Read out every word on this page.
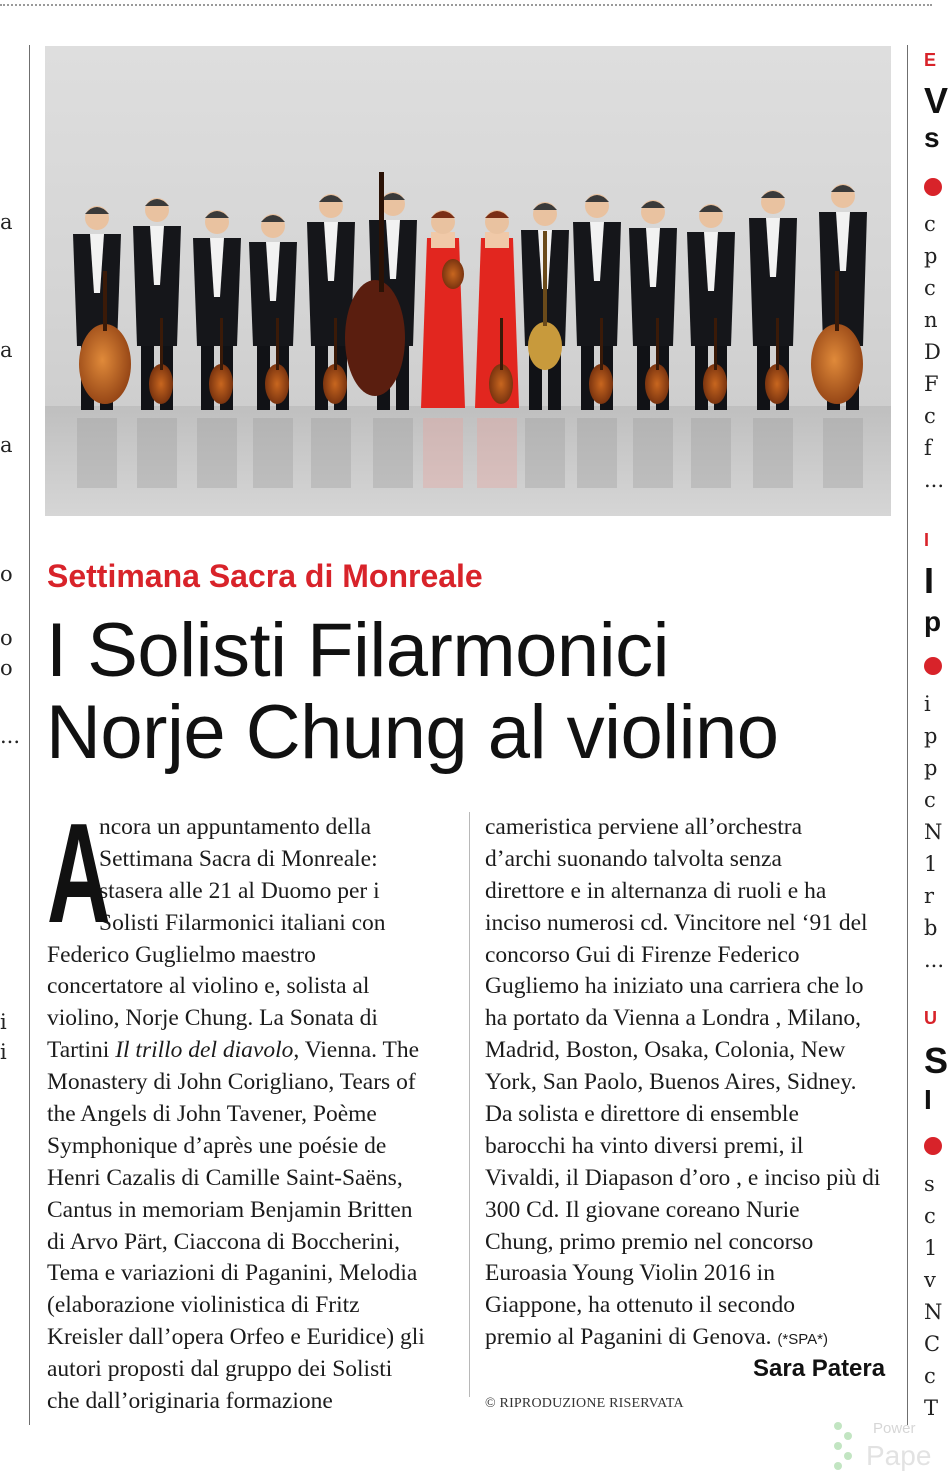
a
a
a
o
o
o
...
i
i
E
V
s
c
p
c
n
D
F
c
f
...
I
I
p
i
p
p
c
N
1
r
b
...
U
S
I
s
c
1
v
N
C
c
T
Settimana Sacra di Monreale
I Solisti Filarmonici
Norje Chung al violino
A
ncora un appuntamento della
Settimana Sacra di Monreale:
stasera alle 21 al Duomo per i
Solisti Filarmonici italiani con
Federico Guglielmo maestro
concertatore al violino e, solista al
violino, Norje Chung. La Sonata di
Tartini Il trillo del diavolo, Vienna. The
Monastery di John Corigliano, Tears of
the Angels di John Tavener, Poème
Symphonique d’après une poésie de
Henri Cazalis di Camille Saint-Saëns,
Cantus in memoriam Benjamin Britten
di Arvo Pärt, Ciaccona di Boccherini,
Tema e variazioni di Paganini, Melodia
(elaborazione violinistica di Fritz
Kreisler dall’opera Orfeo e Euridice) gli
autori proposti dal gruppo dei Solisti
che dall’originaria formazione
cameristica perviene all’orchestra
d’archi suonando talvolta senza
direttore e in alternanza di ruoli e ha
inciso numerosi cd. Vincitore nel ‘91 del
concorso Gui di Firenze Federico
Gugliemo ha iniziato una carriera che lo
ha portato da Vienna a Londra , Milano,
Madrid, Boston, Osaka, Colonia, New
York, San Paolo, Buenos Aires, Sidney.
Da solista e direttore di ensemble
barocchi ha vinto diversi premi, il
Vivaldi, il Diapason d’oro , e inciso più di
300 Cd. Il giovane coreano Nurie
Chung, primo premio nel concorso
Euroasia Young Violin 2016 in
Giappone, ha ottenuto il secondo
premio al Paganini di Genova. (*SPA*)
Sara Patera
© RIPRODUZIONE RISERVATA
Power
Pape
